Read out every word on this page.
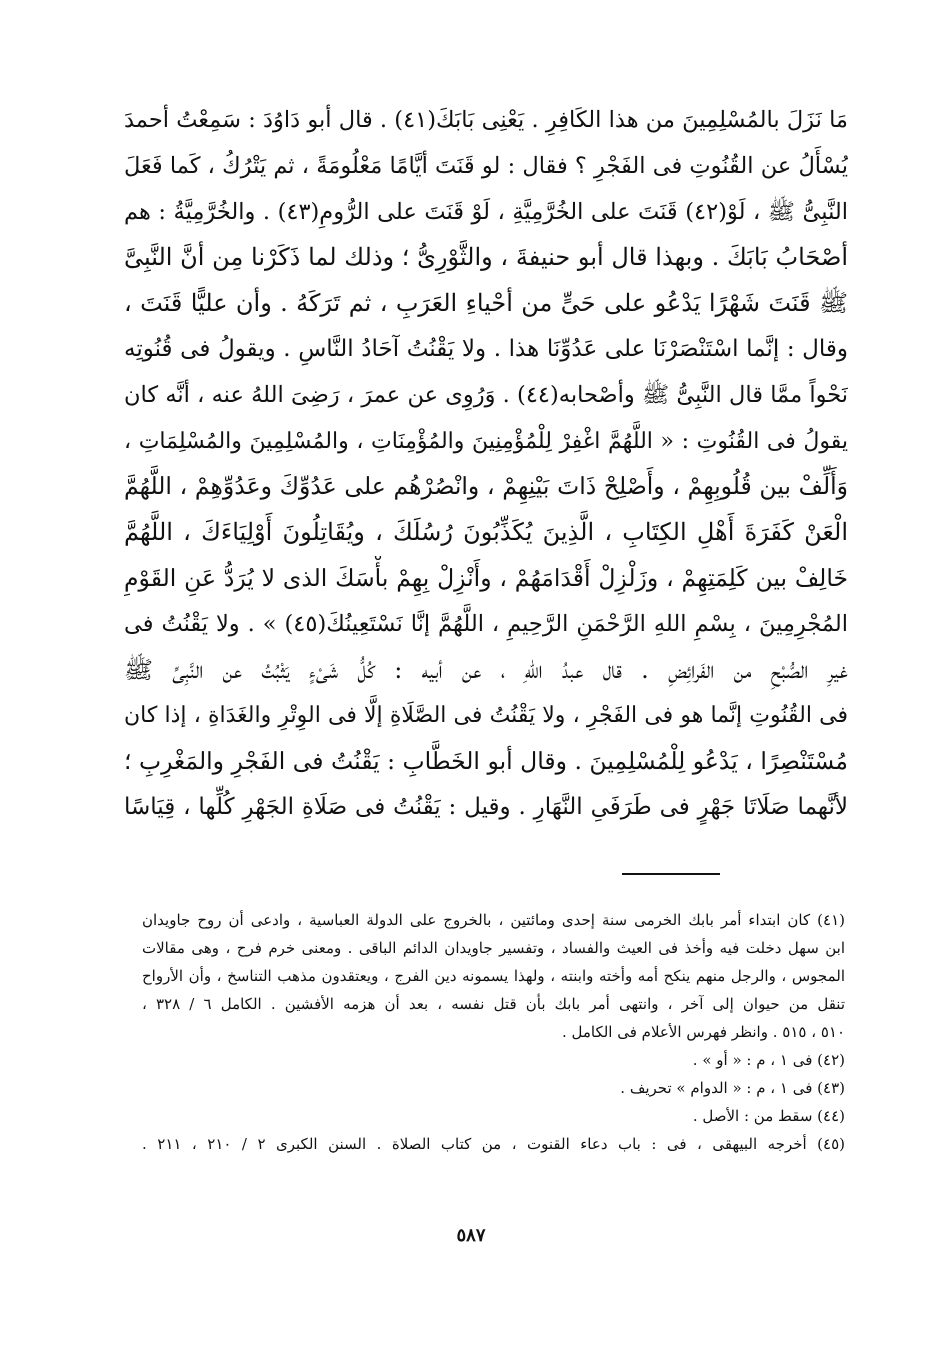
مَا نَزَلَ بالمُسْلِمِينَ من هذا الكَافِرِ . يَعْنِى بَابَكَ(٤١) . قال أبو دَاوُدَ : سَمِعْتُ أحمدَ
يُسْأَلُ عن القُنُوتِ فى الفَجْرِ ؟ فقال : لو قَنَتَ أيَّامًا مَعْلُومَةً ، ثم يَتْرُكُ ، كَما فَعَلَ
النَّبِىُّ ﷺ ، لَوْ(٤٢) قَنَتَ على الخُرَّمِيَّةِ ، لَوْ قَنَتَ على الرُّومِ(٤٣) . والخُرَّمِيَّةُ : هم
أصْحَابُ بَابَكَ . وبهذا قال أبو حنيفةَ ، والثَّوْرِىُّ ؛ وذلك لما ذَكَرْنا مِن أنَّ النَّبِىَّ
ﷺ قَنَتَ شَهْرًا يَدْعُو على حَىٍّ من أحْياءِ العَرَبِ ، ثم تَرَكَهُ . وأن عليًّا قَنَتَ ،
وقال : إنَّما اسْتَنْصَرْنَا على عَدُوِّنَا هذا . ولا يَقْنُتُ آحَادُ النَّاسِ . ويقولُ فى قُنُوتِه
نَحْواً ممَّا قال النَّبِىُّ ﷺ وأصْحابه(٤٤) . وَرُوِى عن عمرَ ، رَضِىَ اللهُ عنه ، أنَّه كان
يقولُ فى القُنُوتِ : « اللَّهُمَّ اغْفِرْ لِلْمُؤْمِنِينَ والمُؤْمِنَاتِ ، والمُسْلِمِينَ والمُسْلِمَاتِ ،
وَأَلِّفْ بين قُلُوبِهِمْ ، وأَصْلِحْ ذَاتَ بَيْنِهِمْ ، وانْصُرْهُم على عَدُوِّكَ وعَدُوِّهِمْ ، اللَّهُمَّ
الْعَنْ كَفَرَةَ أَهْلِ الكِتَابِ ، الَّذِينَ يُكَذِّبُونَ رُسُلَكَ ، ويُقَاتِلُونَ أَوْلِيَاءَكَ ، اللَّهُمَّ
خَالِفْ بين كَلِمَتِهِمْ ، وزَلْزِلْ أَقْدَامَهُمْ ، وأَنْزِلْ بِهِمْ بأْسَكَ الذى لا يُرَدُّ عَنِ القَوْمِ
المُجْرِمِينَ ، بِسْمِ اللهِ الرَّحْمَنِ الرَّحِيمِ ، اللَّهُمَّ إنَّا نَسْتَعِينُكَ(٤٥) » . ولا يَقْنُتُ فى
غيرِ الصُّبْحِ من الفَرائِضِ . قال عبدُ اللهِ ، عن أبيه : كُلُّ شَىْءٍ يَثْبُتُ عن النَّبِىِّ ﷺ
فى القُنُوتِ إنَّما هو فى الفَجْرِ ، ولا يَقْنُتُ فى الصَّلَاةِ إلَّا فى الوِتْرِ والغَدَاةِ ، إذا كان
مُسْتَنْصِرًا ، يَدْعُو لِلْمُسْلِمِينَ . وقال أبو الخَطَّابِ : يَقْنُتُ فى الفَجْرِ والمَغْرِبِ ؛
لأنَّهما صَلَاتَا جَهْرٍ فى طَرَفَىِ النَّهَارِ . وقيل : يَقْنُتُ فى صَلَاةِ الجَهْرِ كُلِّها ، قِيَاسًا
(٤١) كان ابتداء أمر بابك الخرمى سنة إحدى ومائتين ، بالخروج على الدولة العباسية ، وادعى أن روح جاويدان
ابن سهل دخلت فيه وأخذ فى العيث والفساد ، وتفسير جاويدان الدائم الباقى . ومعنى خرم فرح ، وهى مقالات
المجوس ، والرجل منهم ينكح أمه وأخته وابنته ، ولهذا يسمونه دين الفرج ، ويعتقدون مذهب التناسخ ، وأن الأرواح
تنقل من حيوان إلى آخر ، وانتهى أمر بابك بأن قتل نفسه ، بعد أن هزمه الأفشين . الكامل ٦ / ٣٢٨ ،
٥١٠ ، ٥١٥ . وانظر فهرس الأعلام فى الكامل .
(٤٢) فى ١ ، م : « أو » .
(٤٣) فى ١ ، م : « الدوام » تحريف .
(٤٤) سقط من : الأصل .
(٤٥) أخرجه البيهقى ، فى : باب دعاء القنوت ، من كتاب الصلاة . السنن الكبرى ٢ / ٢١٠ ، ٢١١ .
٥٨٧
